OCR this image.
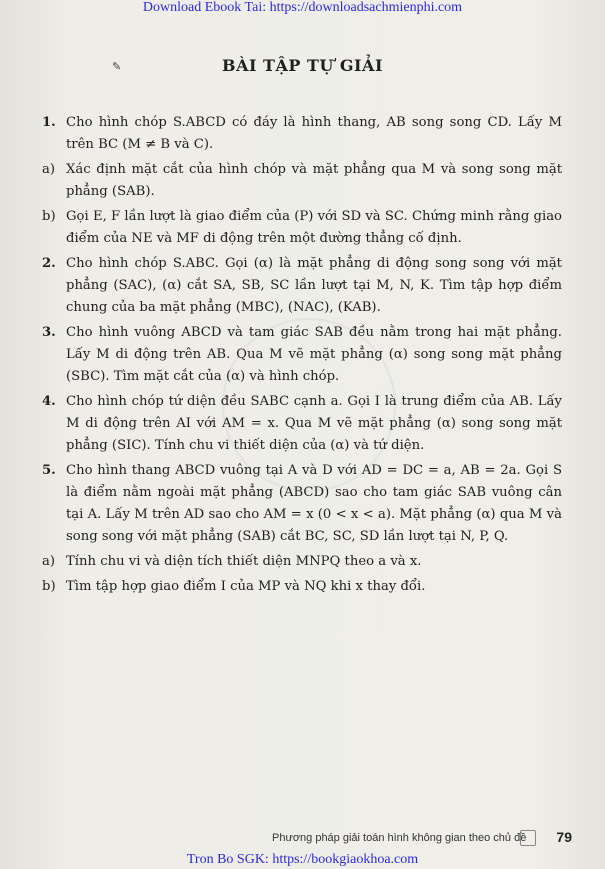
Download Ebook Tai: https://downloadsachmienphi.com
✎	BÀI TẬP TỰ GIẢI
1. Cho hình chóp S.ABCD có đáy là hình thang, AB song song CD. Lấy M trên BC (M ≠ B và C).
a) Xác định mặt cắt của hình chóp và mặt phẳng qua M và song song mặt phẳng (SAB).
b) Gọi E, F lần lượt là giao điểm của (P) với SD và SC. Chứng minh rằng giao điểm của NE và MF di động trên một đường thẳng cố định.
2. Cho hình chóp S.ABC. Gọi (α) là mặt phẳng di động song song với mặt phẳng (SAC), (α) cắt SA, SB, SC lần lượt tại M, N, K. Tìm tập hợp điểm chung của ba mặt phẳng (MBC), (NAC), (KAB).
3. Cho hình vuông ABCD và tam giác SAB đều nằm trong hai mặt phẳng. Lấy M di động trên AB. Qua M vẽ mặt phẳng (α) song song mặt phẳng (SBC). Tìm mặt cắt của (α) và hình chóp.
4. Cho hình chóp tứ diện đều SABC cạnh a. Gọi I là trung điểm của AB. Lấy M di động trên AI với AM = x. Qua M vẽ mặt phẳng (α) song song mặt phẳng (SIC). Tính chu vi thiết diện của (α) và tứ diện.
5. Cho hình thang ABCD vuông tại A và D với AD = DC = a, AB = 2a. Gọi S là điểm nằm ngoài mặt phẳng (ABCD) sao cho tam giác SAB vuông cân tại A. Lấy M trên AD sao cho AM = x (0 < x < a). Mặt phẳng (α) qua M và song song với mặt phẳng (SAB) cắt BC, SC, SD lần lượt tại N, P, Q.
a) Tính chu vi và diện tích thiết diện MNPQ theo a và x.
b) Tìm tập hợp giao điểm I của MP và NQ khi x thay đổi.
Phương pháp giải toán hình không gian theo chủ đề 79
Tron Bo SGK: https://bookgiaokhoa.com
